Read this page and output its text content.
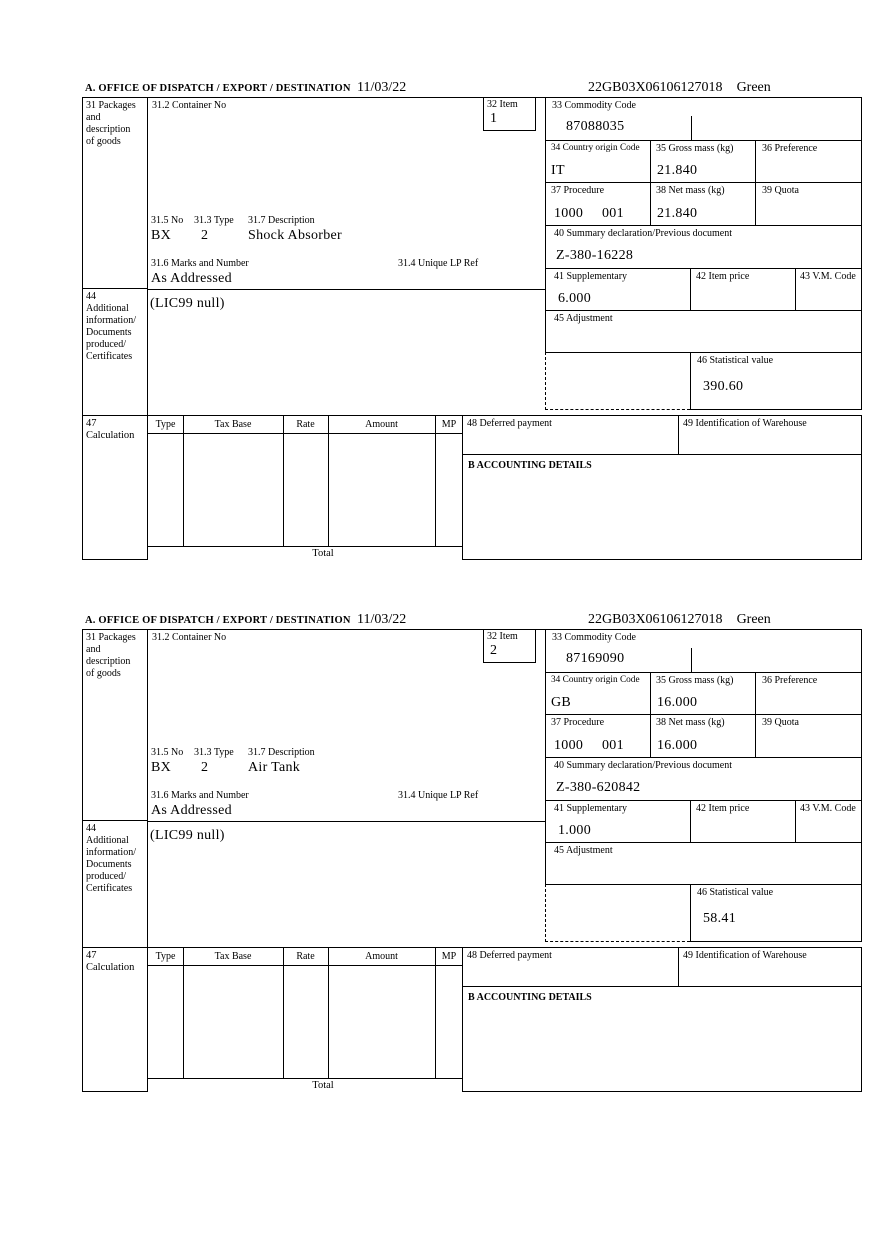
A. OFFICE OF DISPATCH / EXPORT / DESTINATION 11/03/22	22GB03X06106127018 Green
31 Packages
and
description
of goods
44
Additional
information/
Documents
produced/
Certificates
47
Calculation
31.2 Container No	32 Item
1
31.5 No 31.3 Type 31.7 Description
BX 2	Shock Absorber
31.6 Marks and Number	31.4 Unique LP Ref
As Addressed
(LIC99 null)
33 Commodity Code
87088035
34 Country origin Code
IT
35 Gross mass (kg)
21.840
36 Preference
37 Procedure
1000 001
38 Net mass (kg)
21.840
39 Quota
40 Summary declaration/Previous document
Z-380-16228
41 Supplementary
6.000
42 Item price	43 V.M. Code
45 Adjustment
46 Statistical value
390.60
Type	Tax Base	Rate	Amount	MP
Total
48 Deferred payment	49 Identification of Warehouse
B ACCOUNTING DETAILS
A. OFFICE OF DISPATCH / EXPORT / DESTINATION 11/03/22	22GB03X06106127018 Green
31 Packages
and
description
of goods
44
Additional
information/
Documents
produced/
Certificates
47
Calculation
31.2 Container No	32 Item
2
31.5 No 31.3 Type 31.7 Description
BX 2	Air Tank
31.6 Marks and Number	31.4 Unique LP Ref
As Addressed
(LIC99 null)
33 Commodity Code
87169090
34 Country origin Code
GB
35 Gross mass (kg)
16.000
36 Preference
37 Procedure
1000 001
38 Net mass (kg)
16.000
39 Quota
40 Summary declaration/Previous document
Z-380-620842
41 Supplementary
1.000
42 Item price	43 V.M. Code
45 Adjustment
46 Statistical value
58.41
Type	Tax Base	Rate	Amount	MP
Total
48 Deferred payment	49 Identification of Warehouse
B ACCOUNTING DETAILS
